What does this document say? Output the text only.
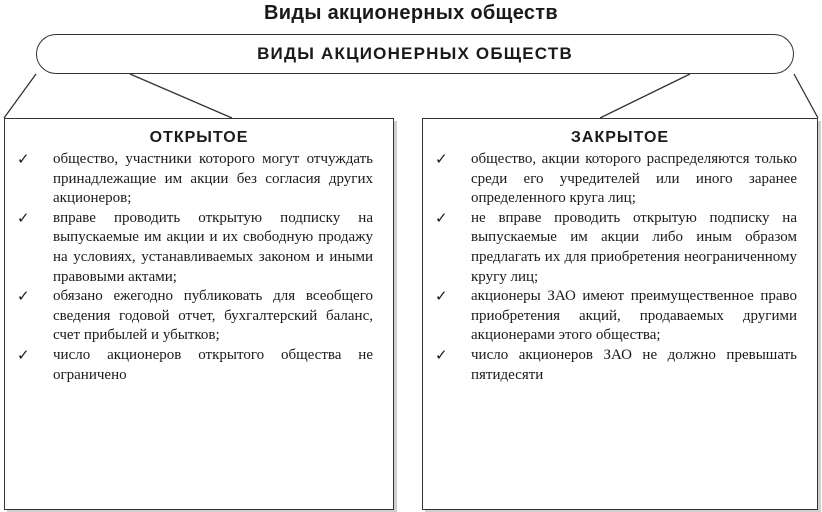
Виды акционерных обществ
ВИДЫ АКЦИОНЕРНЫХ ОБЩЕСТВ
ОТКРЫТОЕ
✓ общество, участники которого могут отчуждать принадлежащие им акции без согласия других акционеров;
✓ вправе проводить открытую подписку на выпускаемые им акции и их свободную продажу на условиях, устанавливаемых законом и иными правовыми актами;
✓ обязано ежегодно публиковать для всеобщего сведения годовой отчет, бухгалтерский баланс, счет прибылей и убытков;
✓ число акционеров открытого общества не ограничено
ЗАКРЫТОЕ
✓ общество, акции которого распределяются только среди его учредителей или иного заранее определенного круга лиц;
✓ не вправе проводить открытую подписку на выпускаемые им акции либо иным образом предлагать их для приобретения неограниченному кругу лиц;
✓ акционеры ЗАО имеют преимущественное право приобретения акций, продаваемых другими акционерами этого общества;
✓ число акционеров ЗАО не должно превышать пятидесяти
